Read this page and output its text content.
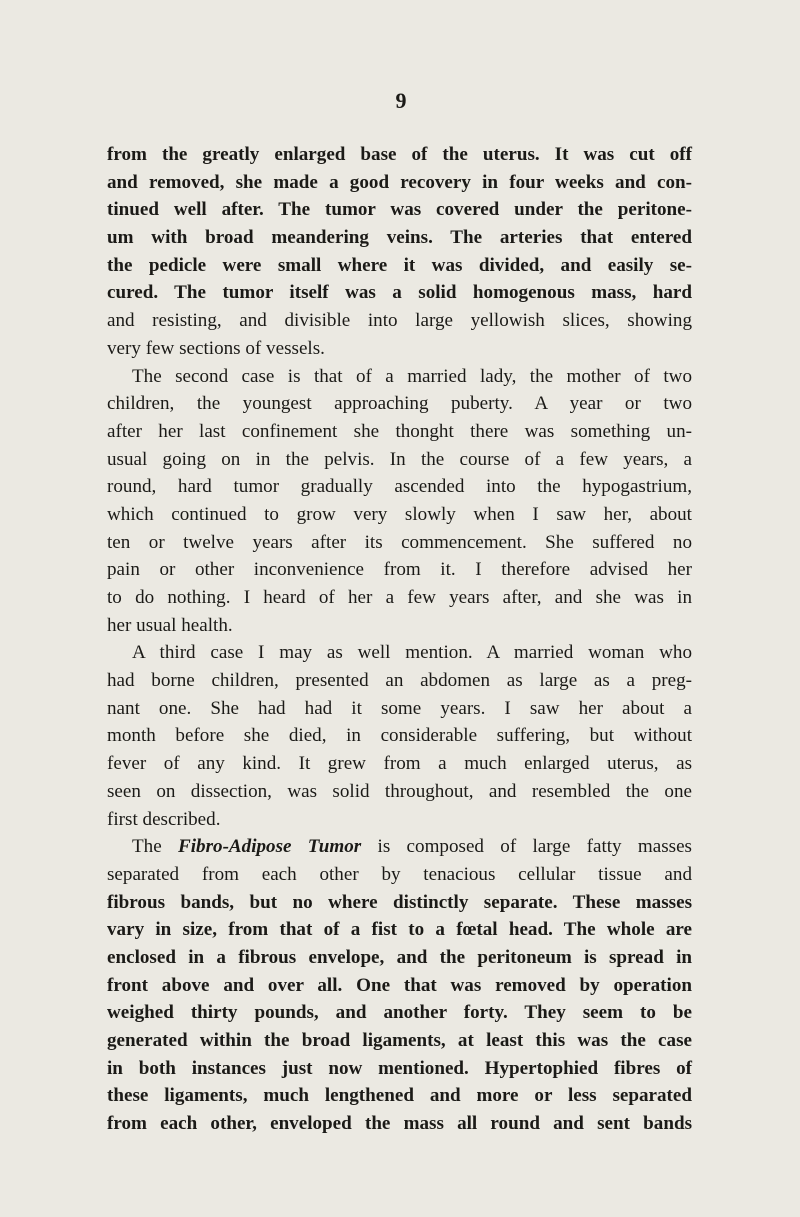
9
from the greatly enlarged base of the uterus. It was cut off
and removed, she made a good recovery in four weeks and con-
tinued well after. The tumor was covered under the peritone-
um with broad meandering veins. The arteries that entered
the pedicle were small where it was divided, and easily se-
cured. The tumor itself was a solid homogenous mass, hard
and resisting, and divisible into large yellowish slices, showing
very few sections of vessels.
The second case is that of a married lady, the mother of two
children, the youngest approaching puberty. A year or two
after her last confinement she thonght there was something un-
usual going on in the pelvis. In the course of a few years, a
round, hard tumor gradually ascended into the hypogastrium,
which continued to grow very slowly when I saw her, about
ten or twelve years after its commencement. She suffered no
pain or other inconvenience from it. I therefore advised her
to do nothing. I heard of her a few years after, and she was in
her usual health.
A third case I may as well mention. A married woman who
had borne children, presented an abdomen as large as a preg-
nant one. She had had it some years. I saw her about a
month before she died, in considerable suffering, but without
fever of any kind. It grew from a much enlarged uterus, as
seen on dissection, was solid throughout, and resembled the one
first described.
The Fibro-Adipose Tumor is composed of large fatty masses
separated from each other by tenacious cellular tissue and
fibrous bands, but no where distinctly separate. These masses
vary in size, from that of a fist to a fœtal head. The whole are
enclosed in a fibrous envelope, and the peritoneum is spread in
front above and over all. One that was removed by operation
weighed thirty pounds, and another forty. They seem to be
generated within the broad ligaments, at least this was the case
in both instances just now mentioned. Hypertophied fibres of
these ligaments, much lengthened and more or less separated
from each other, enveloped the mass all round and sent bands
